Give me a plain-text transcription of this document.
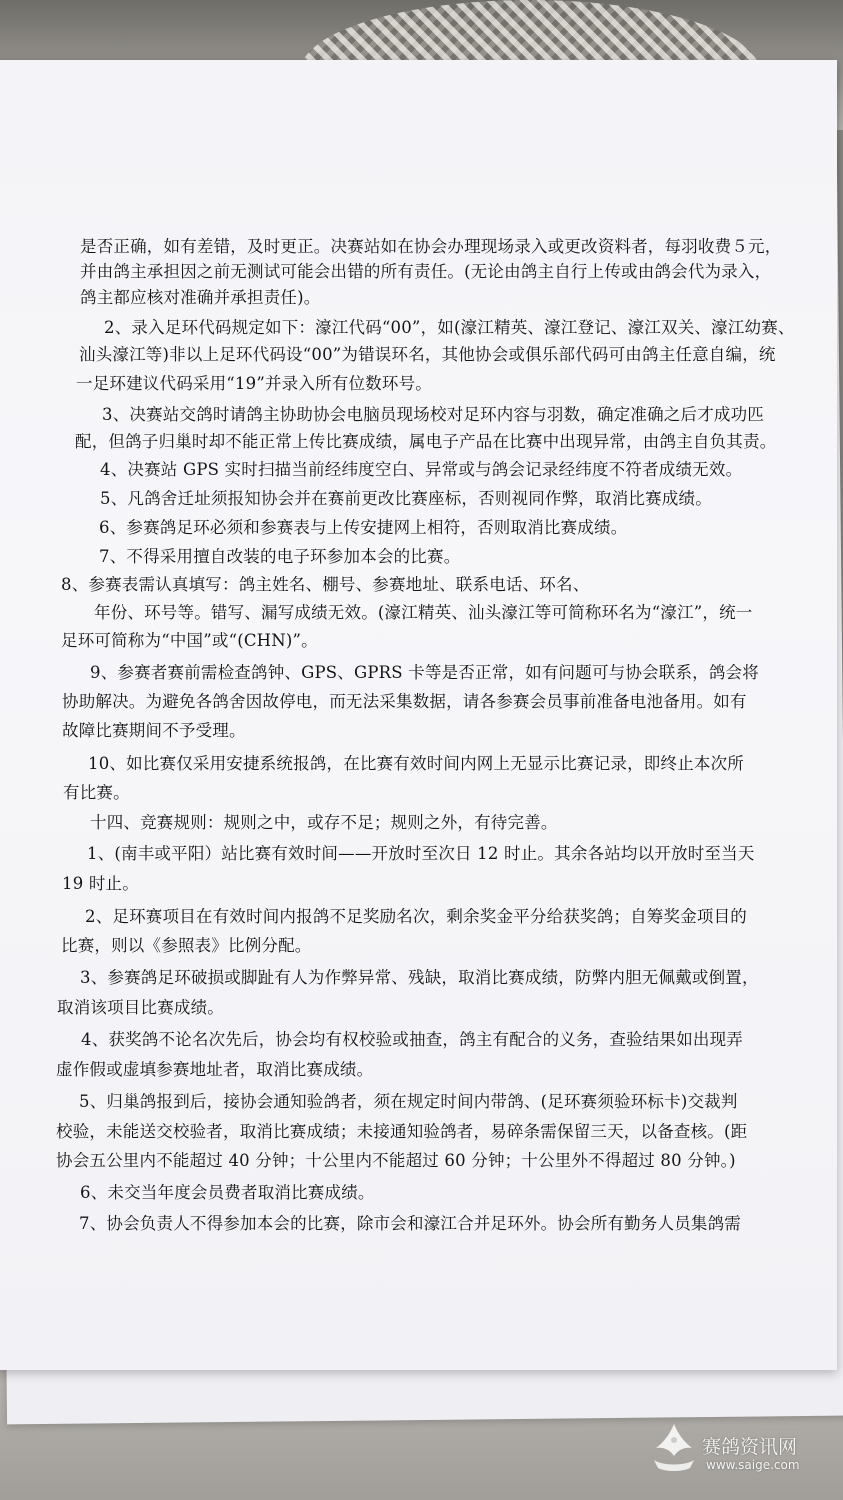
是否正确，如有差错，及时更正。决赛站如在协会办理现场录入或更改资料者，每羽收费５元，
并由鸽主承担因之前无测试可能会出错的所有责任。(无论由鸽主自行上传或由鸽会代为录入，
鸽主都应核对准确并承担责任)。
2、录入足环代码规定如下：濠江代码“00”，如(濠江精英、濠江登记、濠江双关、濠江幼赛、
汕头濠江等)非以上足环代码设“00”为错误环名，其他协会或俱乐部代码可由鸽主任意自编，统
一足环建议代码采用“19”并录入所有位数环号。
3、决赛站交鸽时请鸽主协助协会电脑员现场校对足环内容与羽数，确定准确之后才成功匹
配，但鸽子归巢时却不能正常上传比赛成绩，属电子产品在比赛中出现异常，由鸽主自负其责。
4、决赛站 GPS 实时扫描当前经纬度空白、异常或与鸽会记录经纬度不符者成绩无效。
5、凡鸽舍迁址须报知协会并在赛前更改比赛座标，否则视同作弊，取消比赛成绩。
6、参赛鸽足环必须和参赛表与上传安捷网上相符，否则取消比赛成绩。
7、不得采用擅自改装的电子环参加本会的比赛。
8、参赛表需认真填写：鸽主姓名、棚号、参赛地址、联系电话、环名、
年份、环号等。错写、漏写成绩无效。(濠江精英、汕头濠江等可简称环名为“濠江”，统一
足环可简称为“中国”或“(CHN)”。
9、参赛者赛前需检查鸽钟、GPS、GPRS 卡等是否正常，如有问题可与协会联系，鸽会将
协助解决。为避免各鸽舍因故停电，而无法采集数据，请各参赛会员事前准备电池备用。如有
故障比赛期间不予受理。
10、如比赛仅采用安捷系统报鸽，在比赛有效时间内网上无显示比赛记录，即终止本次所
有比赛。
十四、竞赛规则：规则之中，或存不足；规则之外，有待完善。
1、(南丰或平阳）站比赛有效时间——开放时至次日 12 时止。其余各站均以开放时至当天
19 时止。
2、足环赛项目在有效时间内报鸽不足奖励名次，剩余奖金平分给获奖鸽；自筹奖金项目的
比赛，则以《参照表》比例分配。
3、参赛鸽足环破损或脚趾有人为作弊异常、残缺，取消比赛成绩，防弊内胆无佩戴或倒置，
取消该项目比赛成绩。
4、获奖鸽不论名次先后，协会均有权校验或抽查，鸽主有配合的义务，查验结果如出现弄
虚作假或虚填参赛地址者，取消比赛成绩。
5、归巢鸽报到后，接协会通知验鸽者，须在规定时间内带鸽、(足环赛须验环标卡)交裁判
校验，未能送交校验者，取消比赛成绩；未接通知验鸽者，易碎条需保留三天，以备查核。(距
协会五公里内不能超过 40 分钟；十公里内不能超过 60 分钟；十公里外不得超过 80 分钟。)
6、未交当年度会员费者取消比赛成绩。
7、协会负责人不得参加本会的比赛，除市会和濠江合并足环外。协会所有勤务人员集鸽需
赛鸽资讯网
www.saige.com
